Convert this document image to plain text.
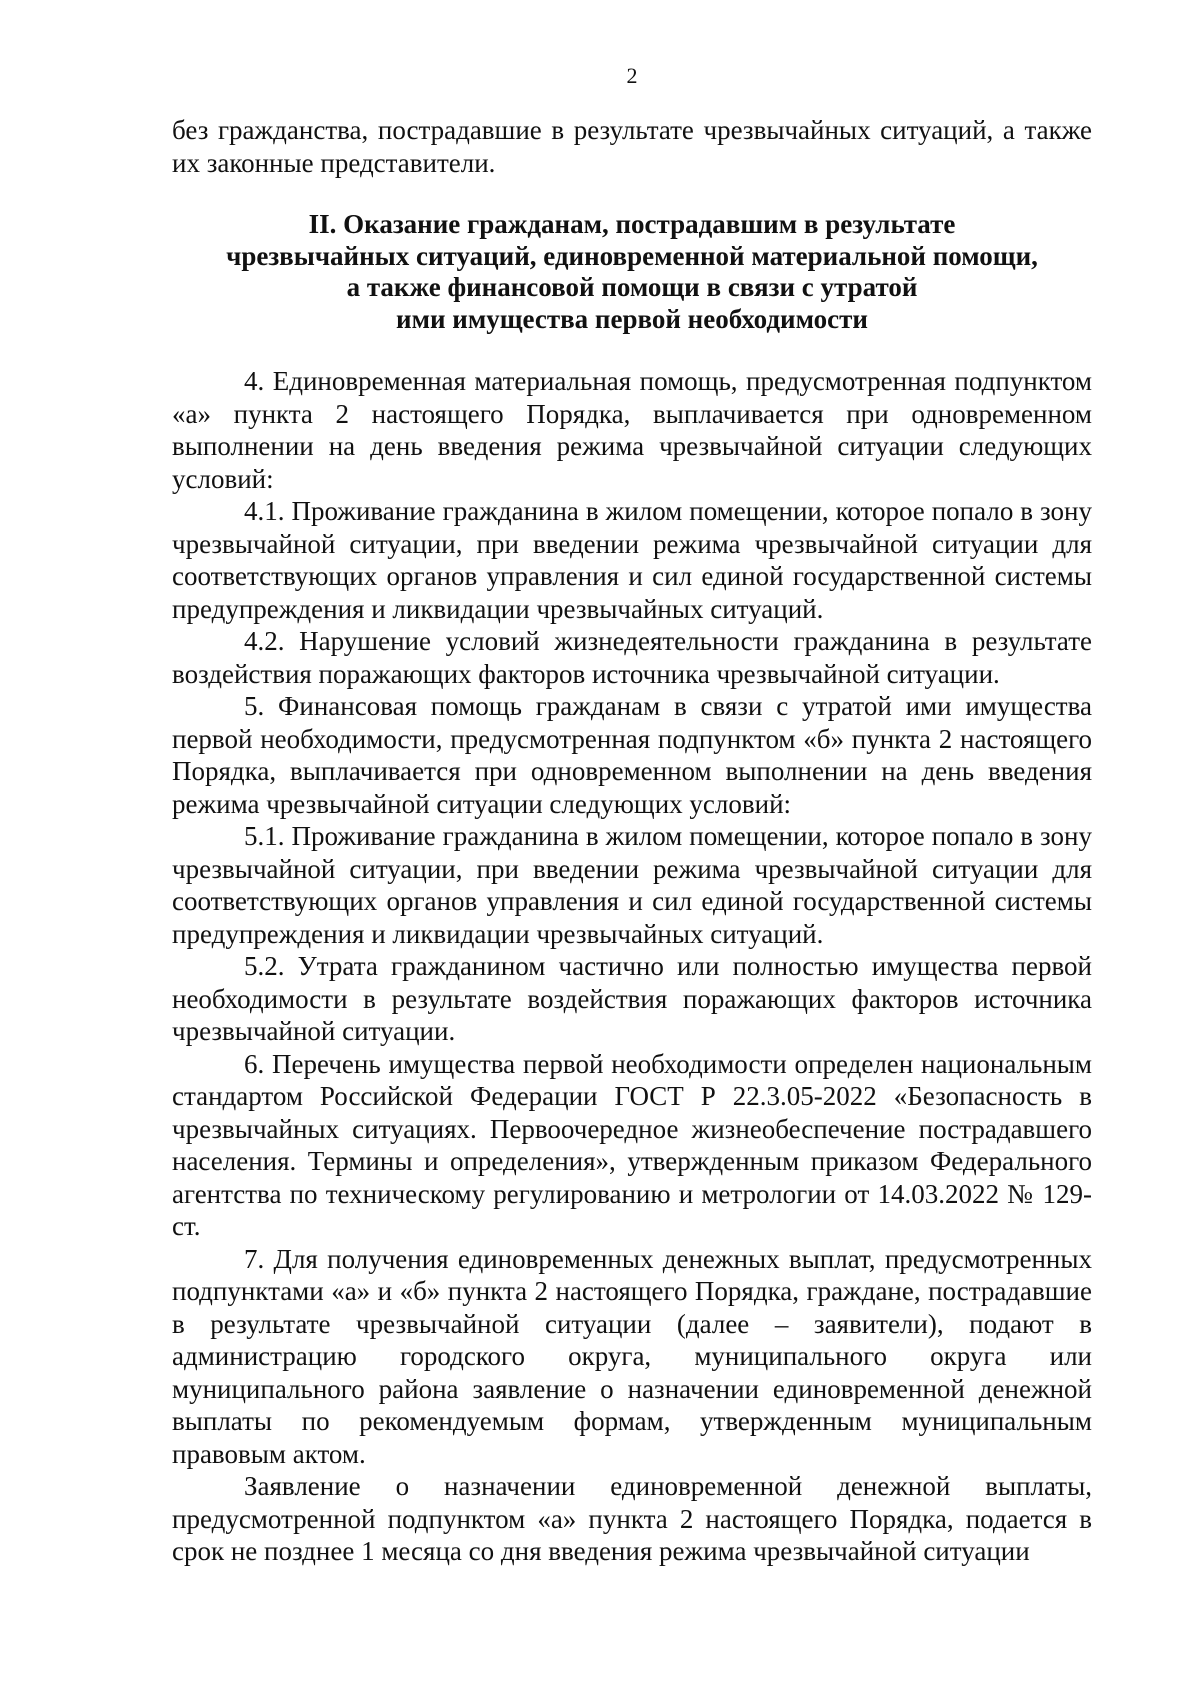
2

без гражданства, пострадавшие в результате чрезвычайных ситуаций, а также их законные представители.

II. Оказание гражданам, пострадавшим в результате
чрезвычайных ситуаций, единовременной материальной помощи,
а также финансовой помощи в связи с утратой
ими имущества первой необходимости

4. Единовременная материальная помощь, предусмотренная подпунктом «а» пункта 2 настоящего Порядка, выплачивается при одновременном выполнении на день введения режима чрезвычайной ситуации следующих условий:

4.1. Проживание гражданина в жилом помещении, которое попало в зону чрезвычайной ситуации, при введении режима чрезвычайной ситуации для соответствующих органов управления и сил единой государственной системы предупреждения и ликвидации чрезвычайных ситуаций.

4.2. Нарушение условий жизнедеятельности гражданина в результате воздействия поражающих факторов источника чрезвычайной ситуации.

5. Финансовая помощь гражданам в связи с утратой ими имущества первой необходимости, предусмотренная подпунктом «б» пункта 2 настоящего Порядка, выплачивается при одновременном выполнении на день введения режима чрезвычайной ситуации следующих условий:

5.1. Проживание гражданина в жилом помещении, которое попало в зону чрезвычайной ситуации, при введении режима чрезвычайной ситуации для соответствующих органов управления и сил единой государственной системы предупреждения и ликвидации чрезвычайных ситуаций.

5.2. Утрата гражданином частично или полностью имущества первой необходимости в результате воздействия поражающих факторов источника чрезвычайной ситуации.

6. Перечень имущества первой необходимости определен национальным стандартом Российской Федерации ГОСТ Р 22.3.05-2022 «Безопасность в чрезвычайных ситуациях. Первоочередное жизнеобеспечение пострадавшего населения. Термины и определения», утвержденным приказом Федерального агентства по техническому регулированию и метрологии от 14.03.2022 № 129-ст.

7. Для получения единовременных денежных выплат, предусмотренных подпунктами «а» и «б» пункта 2 настоящего Порядка, граждане, пострадавшие в результате чрезвычайной ситуации (далее – заявители), подают в администрацию городского округа, муниципального округа или муниципального района заявление о назначении единовременной денежной выплаты по рекомендуемым формам, утвержденным муниципальным правовым актом.

Заявление о назначении единовременной денежной выплаты, предусмотренной подпунктом «а» пункта 2 настоящего Порядка, подается в срок не позднее 1 месяца со дня введения режима чрезвычайной ситуации
